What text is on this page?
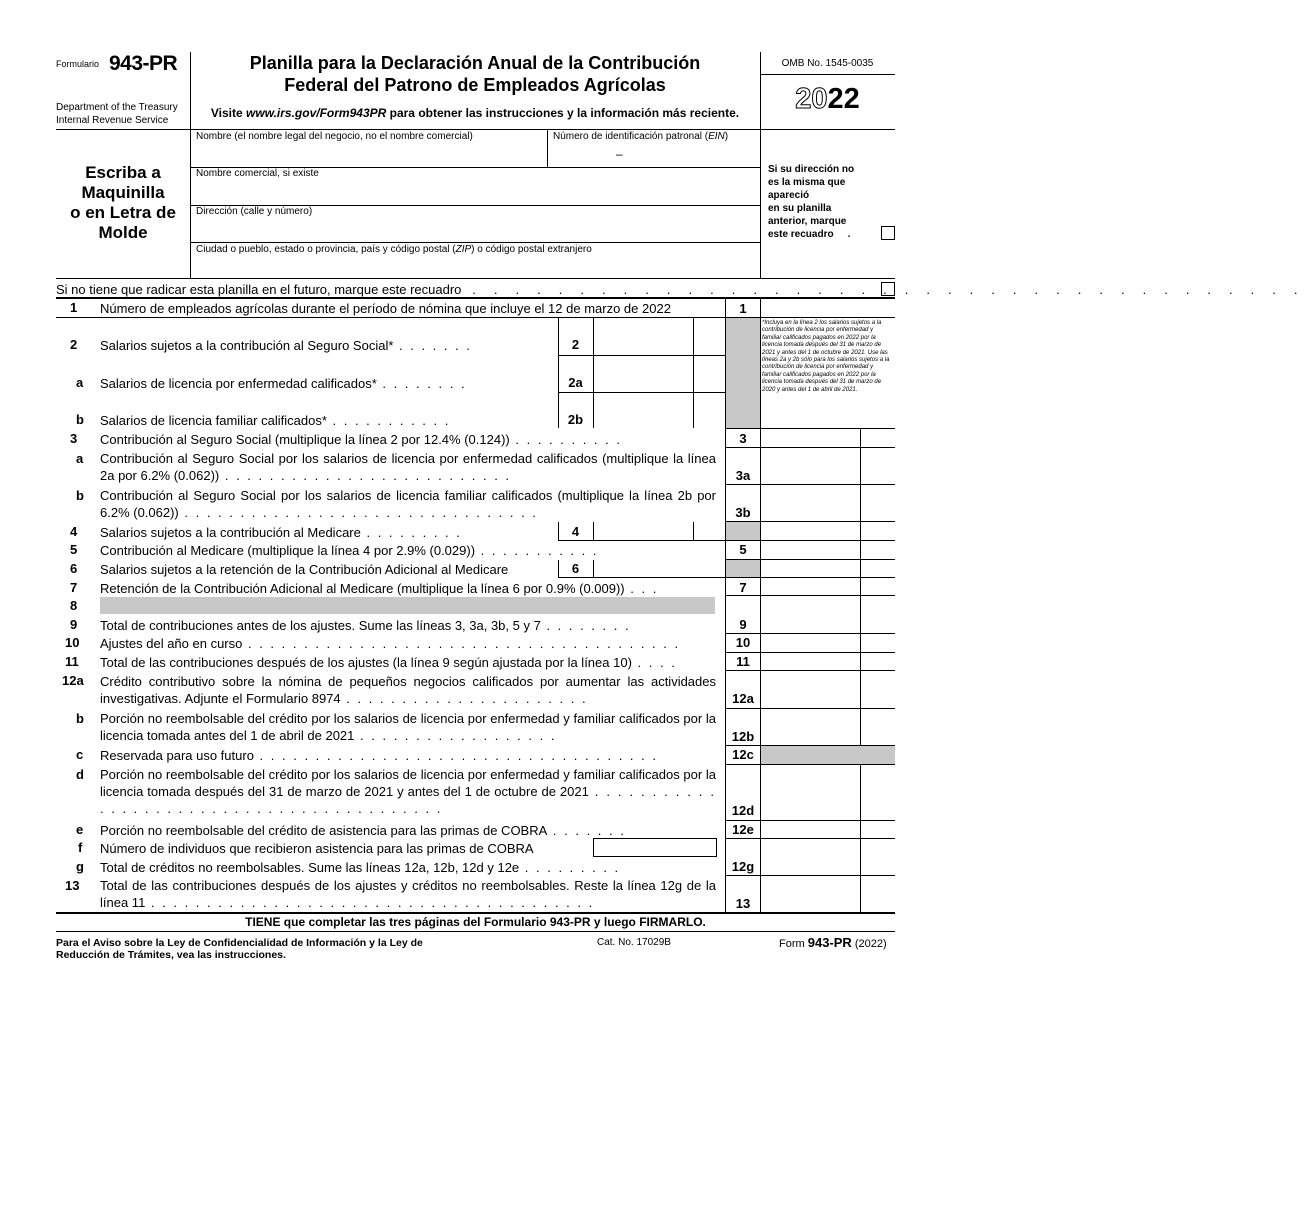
Formulario 943-PR
Department of the Treasury
Internal Revenue Service
Planilla para la Declaración Anual de la Contribución
Federal del Patrono de Empleados Agrícolas
Visite www.irs.gov/Form943PR para obtener las instrucciones y la información más reciente.
OMB No. 1545-0035
2022
Escriba a
Maquinilla
o en Letra de
Molde
Nombre (el nombre legal del negocio, no el nombre comercial)	Número de identificación patronal (EIN)
–
Nombre comercial, si existe
Dirección (calle y número)
Ciudad o pueblo, estado o provincia, país y código postal (ZIP) o código postal extranjero
Si su dirección no
es la misma que
apareció
en su planilla
anterior, marque
este recuadro .
Si no tiene que radicar esta planilla en el futuro, marque este recuadro . . . . . . . . . . . . . . . . . . . . . . . . . . . . . . . . . . . . . . .
*Incluya en la línea 2 los salarios sujetos a la contribución de licencia por enfermedad y familiar calificados pagados en 2022 por la licencia tomada después del 31 de marzo de 2021 y antes del 1 de octubre de 2021. Use las líneas 2a y 2b sólo para los salarios sujetos a la contribución de licencia por enfermedad y familiar calificados pagados en 2022 por la licencia tomada después del 31 de marzo de 2020 y antes del 1 de abril de 2021.
1 Número de empleados agrícolas durante el período de nómina que incluye el 12 de marzo de 2022	1
2 Salarios sujetos a la contribución al Seguro Social* . . . . . . .	2
a Salarios de licencia por enfermedad calificados* . . . . . . . .	2a
b Salarios de licencia familiar calificados* . . . . . . . . . . .	2b
3 Contribución al Seguro Social (multiplique la línea 2 por 12.4% (0.124)) . . . . . . . . . .	3
a Contribución al Seguro Social por los salarios de licencia por enfermedad calificados (multiplique la línea 2a por 6.2% (0.062)) . . . . . . . . . . . . . . . . . . . . . . . . . .	3a
b Contribución al Seguro Social por los salarios de licencia familiar calificados (multiplique la línea 2b por 6.2% (0.062)) . . . . . . . . . . . . . . . . . . . . . . . . . . . . . . . .	3b
4 Salarios sujetos a la contribución al Medicare . . . . . . . . .	4
5 Contribución al Medicare (multiplique la línea 4 por 2.9% (0.029)) . . . . . . . . . . .	5
6 Salarios sujetos a la retención de la Contribución Adicional al Medicare	6
7 Retención de la Contribución Adicional al Medicare (multiplique la línea 6 por 0.9% (0.009)) . . .	7
8
9 Total de contribuciones antes de los ajustes. Sume las líneas 3, 3a, 3b, 5 y 7 . . . . . . . .	9
10 Ajustes del año en curso . . . . . . . . . . . . . . . . . . . . . . . . . . . . . . . . . . . . . . .	10
11 Total de las contribuciones después de los ajustes (la línea 9 según ajustada por la línea 10) . . . .	11
12a Crédito contributivo sobre la nómina de pequeños negocios calificados por aumentar las actividades investigativas. Adjunte el Formulario 8974 . . . . . . . . . . . . . . . . . . . . . .	12a
b Porción no reembolsable del crédito por los salarios de licencia por enfermedad y familiar calificados por la licencia tomada antes del 1 de abril de 2021 . . . . . . . . . . . . . . . . . .	12b
c Reservada para uso futuro . . . . . . . . . . . . . . . . . . . . . . . . . . . . . . . . . . . .	12c
d Porción no reembolsable del crédito por los salarios de licencia por enfermedad y familiar calificados por la licencia tomada después del 31 de marzo de 2021 y antes del 1 de octubre de 2021 . . . . . . . . . . . . . . . . . . . . . . . . . . . . . . . . . . . . . . . . . .	12d
e Porción no reembolsable del crédito de asistencia para las primas de COBRA . . . . . . .	12e
f Número de individuos que recibieron asistencia para las primas de COBRA
g Total de créditos no reembolsables. Sume las líneas 12a, 12b, 12d y 12e . . . . . . . . .	12g
13 Total de las contribuciones después de los ajustes y créditos no reembolsables. Reste la línea 12g de la línea 11 . . . . . . . . . . . . . . . . . . . . . . . . . . . . . . . . . . . . . . . .	13
TIENE que completar las tres páginas del Formulario 943-PR y luego FIRMARLO.
Para el Aviso sobre la Ley de Confidencialidad de Información y la Ley de
Reducción de Trámites, vea las instrucciones.
Cat. No. 17029B	Form 943-PR (2022)
